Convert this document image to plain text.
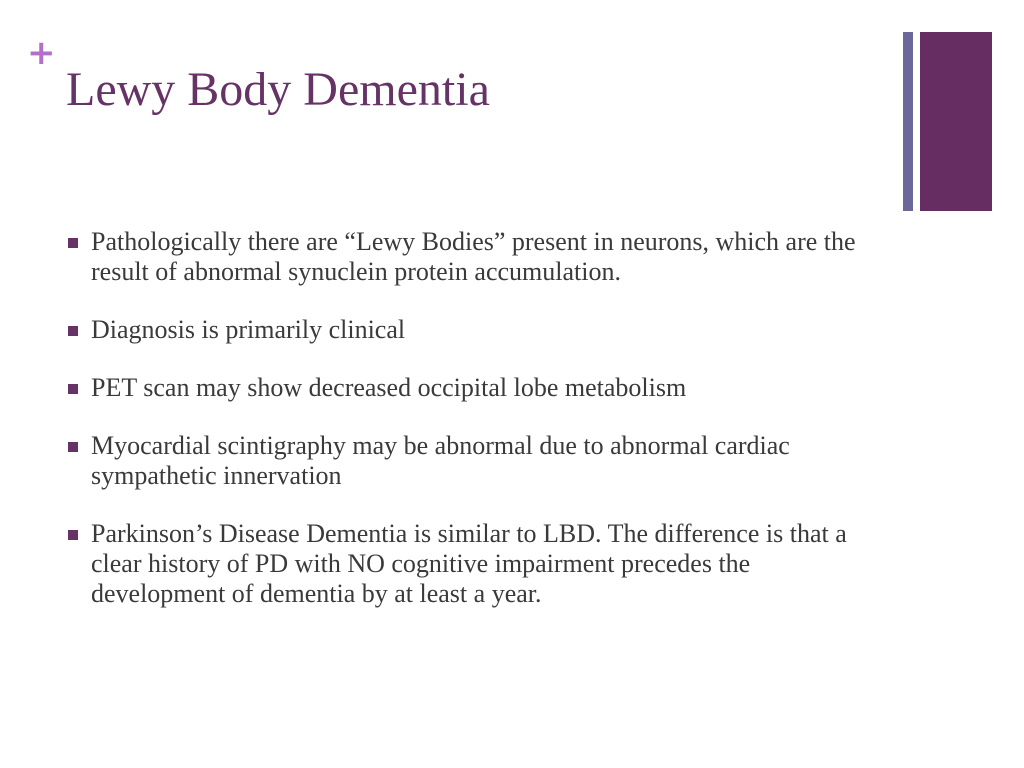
+
Lewy Body Dementia
Pathologically there are “Lewy Bodies” present in neurons, which are the result of abnormal synuclein protein accumulation.
Diagnosis is primarily clinical
PET scan may show decreased occipital lobe metabolism
Myocardial scintigraphy may be abnormal due to abnormal cardiac sympathetic innervation
Parkinson’s Disease Dementia is similar to LBD. The difference is that a clear history of PD with NO cognitive impairment precedes the development of dementia by at least a year.
